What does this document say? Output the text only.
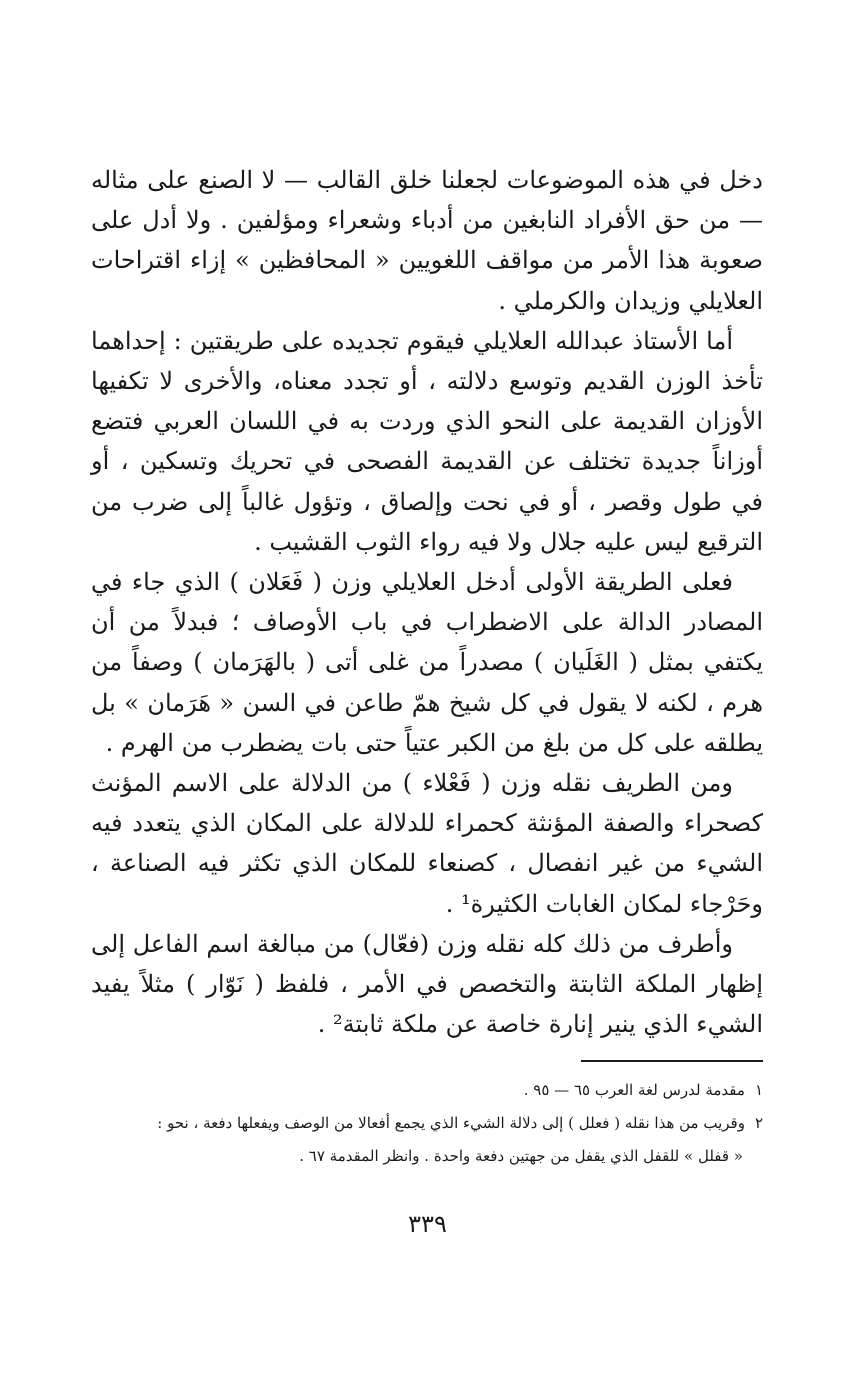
دخل في هذه الموضوعات لجعلنا خلق القالب — لا الصنع على مثاله — من حق الأفراد النابغين من أدباء وشعراء ومؤلفين . ولا أدل على صعوبة هذا الأمر من مواقف اللغويين « المحافظين » إزاء اقتراحات العلايلي وزيدان والكرملي .

أما الأستاذ عبدالله العلايلي فيقوم تجديده على طريقتين : إحداهما تأخذ الوزن القديم وتوسع دلالته ، أو تجدد معناه، والأخرى لا تكفيها الأوزان القديمة على النحو الذي وردت به في اللسان العربي فتضع أوزاناً جديدة تختلف عن القديمة الفصحى في تحريك وتسكين ، أو في طول وقصر ، أو في نحت وإلصاق ، وتؤول غالباً إلى ضرب من الترقيع ليس عليه جلال ولا فيه رواء الثوب القشيب .

فعلى الطريقة الأولى أدخل العلايلي وزن ( فَعَلان ) الذي جاء في المصادر الدالة على الاضطراب في باب الأوصاف ؛ فبدلاً من أن يكتفي بمثل ( الغَلَيان ) مصدراً من غلى أتى ( بالهَرَمان ) وصفاً من هرم ، لكنه لا يقول في كل شيخ همّ طاعن في السن « هَرَمان » بل يطلقه على كل من بلغ من الكبر عتياً حتى بات يضطرب من الهرم .

ومن الطريف نقله وزن ( فَعْلاء ) من الدلالة على الاسم المؤنث كصحراء والصفة المؤنثة كحمراء للدلالة على المكان الذي يتعدد فيه الشيء من غير انفصال ، كصنعاء للمكان الذي تكثر فيه الصناعة ، وحَرْجاء لمكان الغابات الكثيرة¹ .

وأطرف من ذلك كله نقله وزن (فعّال) من مبالغة اسم الفاعل إلى إظهار الملكة الثابتة والتخصص في الأمر ، فلفظ ( نَوّار ) مثلاً يفيد الشيء الذي ينير إنارة خاصة عن ملكة ثابتة² .

١مقدمة لدرس لغة العرب ٦٥ — ٩٥ .
٢وقريب من هذا نقله ( فعلل ) إلى دلالة الشيء الذي يجمع أفعالا من الوصف ويفعلها دفعة ، نحو :
« قفلل » للقفل الذي يقفل من جهتين دفعة واحدة . وانظر المقدمة ٦٧ .
٣٣٩
